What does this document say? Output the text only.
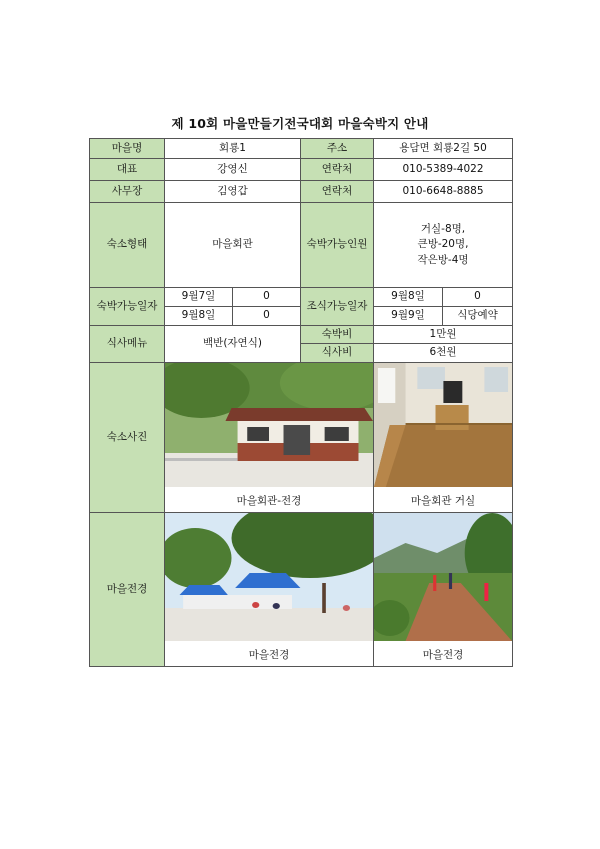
제 10회 마을만들기전국대회 마을숙박지 안내
마을명	회룡1		주소	용담면 회룡2길 50	
대표	강영신		연락처	010-5389-4022	
사무장	김영갑		연락처	010-6648-8885	
숙소형태	마을회관		숙박가능인원	거실-8명,
큰방-20명,
작은방-4명	

숙박가능일자	9월7일	0	조식가능일자	9월8일	0
	9월8일	0		9월9일	식당예약
식사메뉴	백반(자연식)		숙박비	1만원	
			식사비	6천원	
숙소사진	마을회관-전경			마을회관 거실	

마을전경	마을전경			마을전경	
